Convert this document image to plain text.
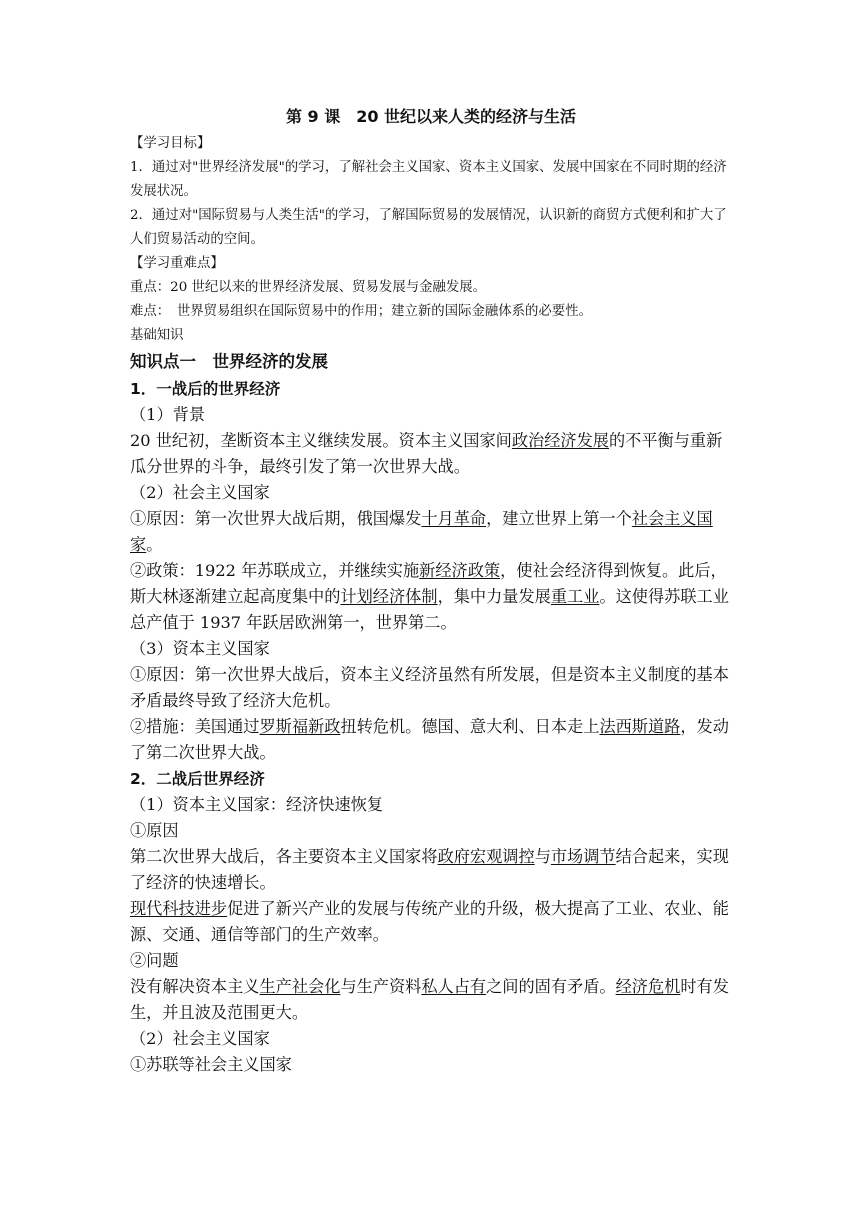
第 9 课　20 世纪以来人类的经济与生活

【学习目标】

1．通过对"世界经济发展"的学习，了解社会主义国家、资本主义国家、发展中国家在不同时期的经济发展状况。

2．通过对"国际贸易与人类生活"的学习，了解国际贸易的发展情况，认识新的商贸方式便利和扩大了人们贸易活动的空间。

【学习重难点】

重点：20 世纪以来的世界经济发展、贸易发展与金融发展。

难点：　世界贸易组织在国际贸易中的作用；建立新的国际金融体系的必要性。

基础知识

知识点一　世界经济的发展

1．一战后的世界经济

（1）背景

20 世纪初，垄断资本主义继续发展。资本主义国家间政治经济发展的不平衡与重新瓜分世界的斗争，最终引发了第一次世界大战。

（2）社会主义国家

①原因：第一次世界大战后期，俄国爆发十月革命，建立世界上第一个社会主义国家。

②政策：1922 年苏联成立，并继续实施新经济政策，使社会经济得到恢复。此后，斯大林逐渐建立起高度集中的计划经济体制，集中力量发展重工业。这使得苏联工业总产值于 1937 年跃居欧洲第一，世界第二。

（3）资本主义国家

①原因：第一次世界大战后，资本主义经济虽然有所发展，但是资本主义制度的基本矛盾最终导致了经济大危机。

②措施：美国通过罗斯福新政扭转危机。德国、意大利、日本走上法西斯道路，发动了第二次世界大战。

2．二战后世界经济

（1）资本主义国家：经济快速恢复

①原因

第二次世界大战后，各主要资本主义国家将政府宏观调控与市场调节结合起来，实现了经济的快速增长。

现代科技进步促进了新兴产业的发展与传统产业的升级，极大提高了工业、农业、能源、交通、通信等部门的生产效率。

②问题

没有解决资本主义生产社会化与生产资料私人占有之间的固有矛盾。经济危机时有发生，并且波及范围更大。

（2）社会主义国家

①苏联等社会主义国家
